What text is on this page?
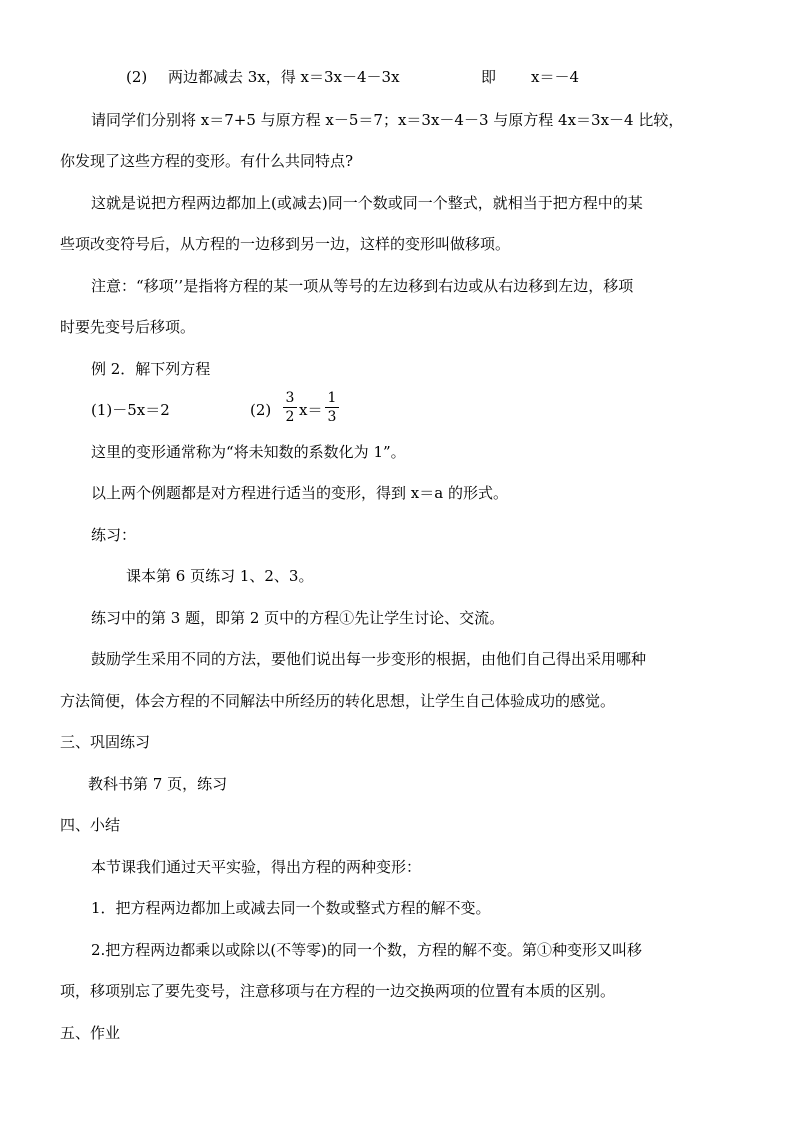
(2) 两边都减去 3x，得 x＝3x－4－3x	即 x＝－4
请同学们分别将 x＝7+5 与原方程 x－5＝7；x＝3x－4－3 与原方程 4x＝3x－4 比较，
你发现了这些方程的变形。有什么共同特点?
这就是说把方程两边都加上(或减去)同一个数或同一个整式，就相当于把方程中的某
些项改变符号后，从方程的一边移到另一边，这样的变形叫做移项。
注意：“移项’’是指将方程的某一项从等号的左边移到右边或从右边移到左边，移项
时要先变号后移项。
例 2．解下列方程
(1)－5x＝2	$(2) \frac{3}{2} x= \frac{1}{3}$
这里的变形通常称为“将未知数的系数化为 1”。
以上两个例题都是对方程进行适当的变形，得到 x＝a 的形式。
练习：
课本第 6 页练习 1、2、3。
练习中的第 3 题，即第 2 页中的方程①先让学生讨论、交流。
鼓励学生采用不同的方法，要他们说出每一步变形的根据，由他们自己得出采用哪种
方法简便，体会方程的不同解法中所经历的转化思想，让学生自己体验成功的感觉。
三、巩固练习
教科书第 7 页，练习
四、小结
本节课我们通过天平实验，得出方程的两种变形：
1．把方程两边都加上或减去同一个数或整式方程的解不变。
2.把方程两边都乘以或除以(不等零)的同一个数，方程的解不变。第①种变形又叫移
项，移项别忘了要先变号，注意移项与在方程的一边交换两项的位置有本质的区别。
五、作业
